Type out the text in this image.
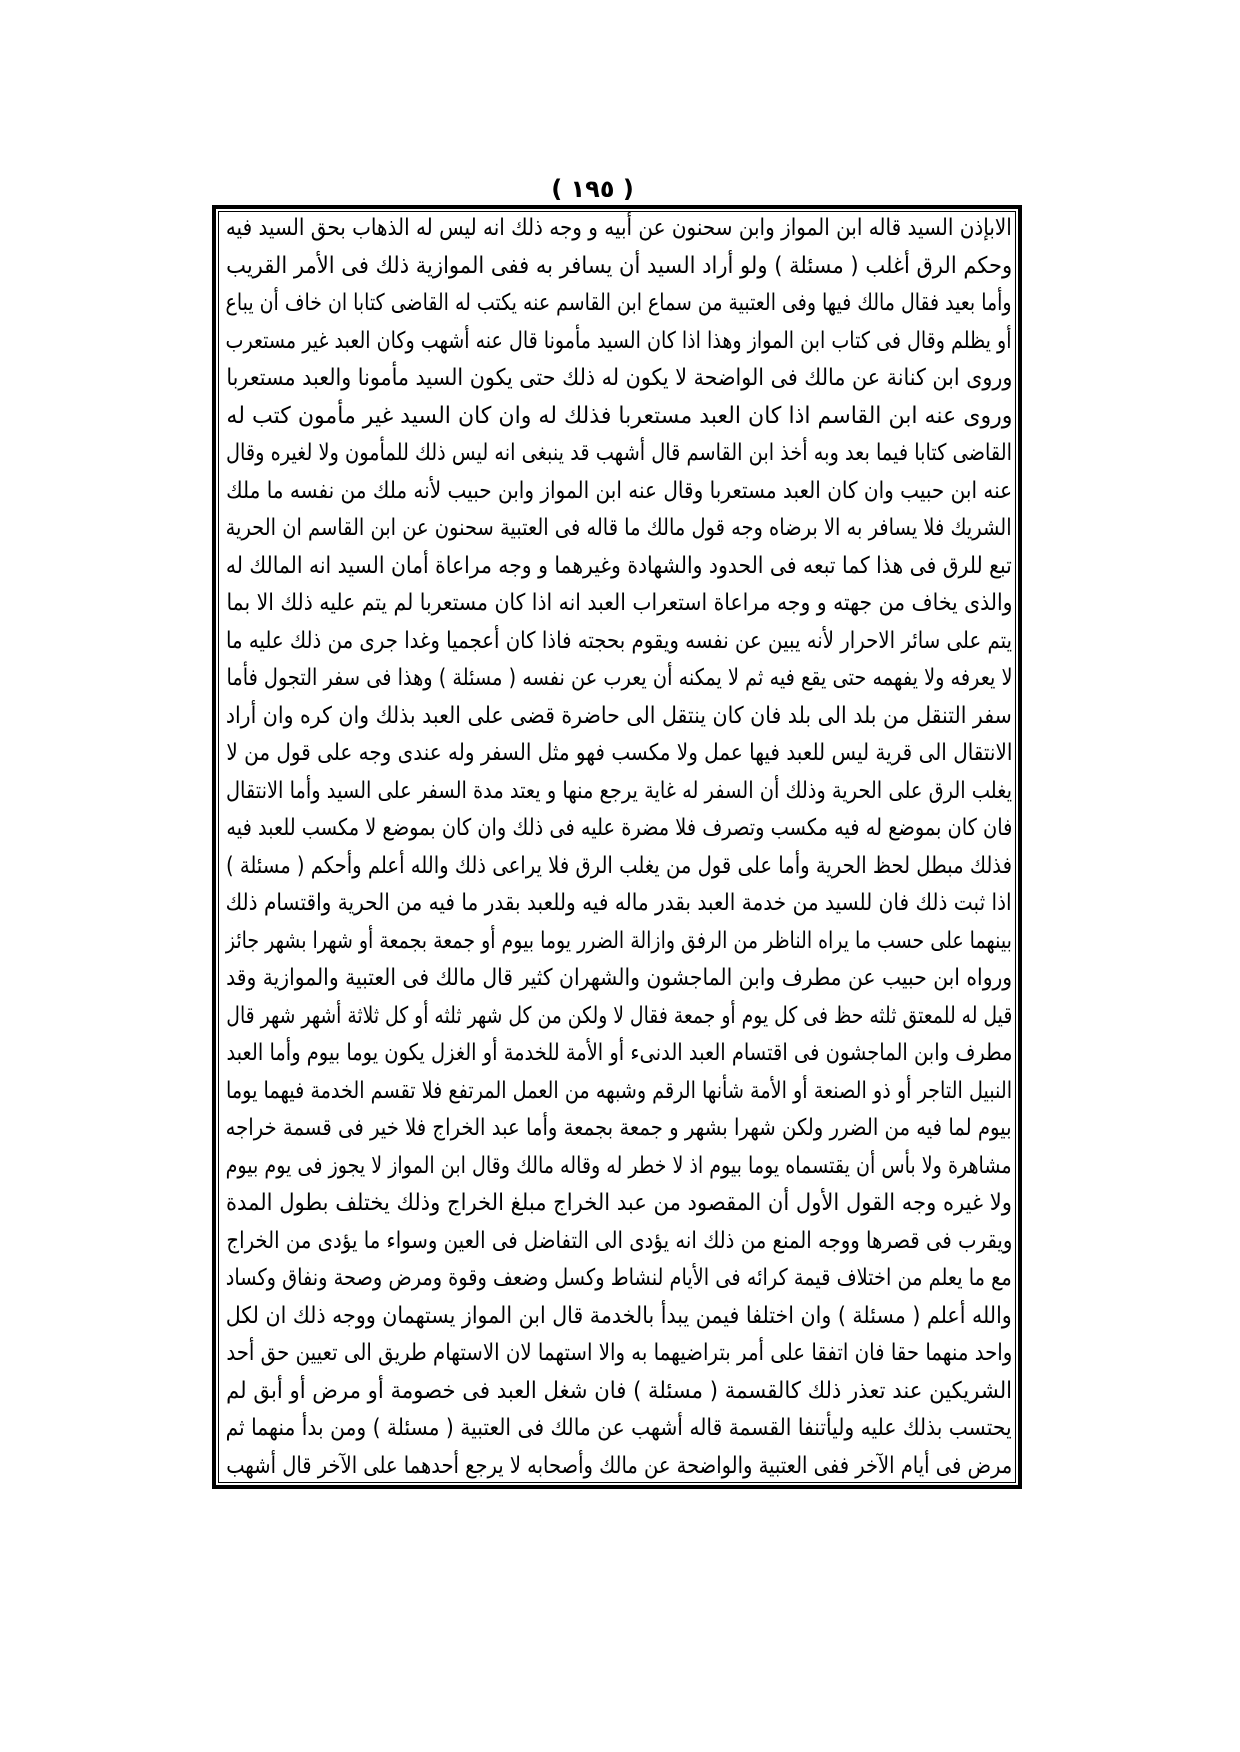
( ١٩٥ )
الابإذن السيد قاله ابن المواز وابن سحنون عن أبيه و وجه ذلك انه ليس له الذهاب بحق السيد فيه
وحكم الرق أغلب ( مسئلة ) ولو أراد السيد أن يسافر به ففى الموازية ذلك فى الأمر القريب
وأما بعيد فقال مالك فيها وفى العتبية من سماع ابن القاسم عنه يكتب له القاضى كتابا ان خاف أن يباع
أو يظلم وقال فى كتاب ابن المواز وهذا اذا كان السيد مأمونا قال عنه أشهب وكان العبد غير مستعرب
وروى ابن كنانة عن مالك فى الواضحة لا يكون له ذلك حتى يكون السيد مأمونا والعبد مستعربا
وروى عنه ابن القاسم اذا كان العبد مستعربا فذلك له وان كان السيد غير مأمون كتب له
القاضى كتابا فيما بعد وبه أخذ ابن القاسم قال أشهب قد ينبغى انه ليس ذلك للمأمون ولا لغيره وقال
عنه ابن حبيب وان كان العبد مستعربا وقال عنه ابن المواز وابن حبيب لأنه ملك من نفسه ما ملك
الشريك فلا يسافر به الا برضاه وجه قول مالك ما قاله فى العتبية سحنون عن ابن القاسم ان الحرية
تبع للرق فى هذا كما تبعه فى الحدود والشهادة وغيرهما و وجه مراعاة أمان السيد انه المالك له
والذى يخاف من جهته و وجه مراعاة استعراب العبد انه اذا كان مستعربا لم يتم عليه ذلك الا بما
يتم على سائر الاحرار لأنه يبين عن نفسه ويقوم بحجته فاذا كان أعجميا وغدا جرى من ذلك عليه ما
لا يعرفه ولا يفهمه حتى يقع فيه ثم لا يمكنه أن يعرب عن نفسه ( مسئلة ) وهذا فى سفر التجول فأما
سفر التنقل من بلد الى بلد فان كان ينتقل الى حاضرة قضى على العبد بذلك وان كره وان أراد
الانتقال الى قرية ليس للعبد فيها عمل ولا مكسب فهو مثل السفر وله عندى وجه على قول من لا
يغلب الرق على الحرية وذلك أن السفر له غاية يرجع منها و يعتد مدة السفر على السيد وأما الانتقال
فان كان بموضع له فيه مكسب وتصرف فلا مضرة عليه فى ذلك وان كان بموضع لا مكسب للعبد فيه
فذلك مبطل لحظ الحرية وأما على قول من يغلب الرق فلا يراعى ذلك والله أعلم وأحكم ( مسئلة )
اذا ثبت ذلك فان للسيد من خدمة العبد بقدر ماله فيه وللعبد بقدر ما فيه من الحرية واقتسام ذلك
بينهما على حسب ما يراه الناظر من الرفق وازالة الضرر يوما بيوم أو جمعة بجمعة أو شهرا بشهر جائز
ورواه ابن حبيب عن مطرف وابن الماجشون والشهران كثير قال مالك فى العتبية والموازية وقد
قيل له للمعتق ثلثه حظ فى كل يوم أو جمعة فقال لا ولكن من كل شهر ثلثه أو كل ثلاثة أشهر شهر قال
مطرف وابن الماجشون فى اقتسام العبد الدنىء أو الأمة للخدمة أو الغزل يكون يوما بيوم وأما العبد
النبيل التاجر أو ذو الصنعة أو الأمة شأنها الرقم وشبهه من العمل المرتفع فلا تقسم الخدمة فيهما يوما
بيوم لما فيه من الضرر ولكن شهرا بشهر و جمعة بجمعة وأما عبد الخراج فلا خير فى قسمة خراجه
مشاهرة ولا بأس أن يقتسماه يوما بيوم اذ لا خطر له وقاله مالك وقال ابن المواز لا يجوز فى يوم بيوم
ولا غيره وجه القول الأول أن المقصود من عبد الخراج مبلغ الخراج وذلك يختلف بطول المدة
ويقرب فى قصرها ووجه المنع من ذلك انه يؤدى الى التفاضل فى العين وسواء ما يؤدى من الخراج
مع ما يعلم من اختلاف قيمة كرائه فى الأيام لنشاط وكسل وضعف وقوة ومرض وصحة ونفاق وكساد
والله أعلم ( مسئلة ) وان اختلفا فيمن يبدأ بالخدمة قال ابن المواز يستهمان ووجه ذلك ان لكل
واحد منهما حقا فان اتفقا على أمر بتراضيهما به والا استهما لان الاستهام طريق الى تعيين حق أحد
الشريكين عند تعذر ذلك كالقسمة ( مسئلة ) فان شغل العبد فى خصومة أو مرض أو أبق لم
يحتسب بذلك عليه وليأتنفا القسمة قاله أشهب عن مالك فى العتبية ( مسئلة ) ومن بدأ منهما ثم
مرض فى أيام الآخر ففى العتبية والواضحة عن مالك وأصحابه لا يرجع أحدهما على الآخر قال أشهب
